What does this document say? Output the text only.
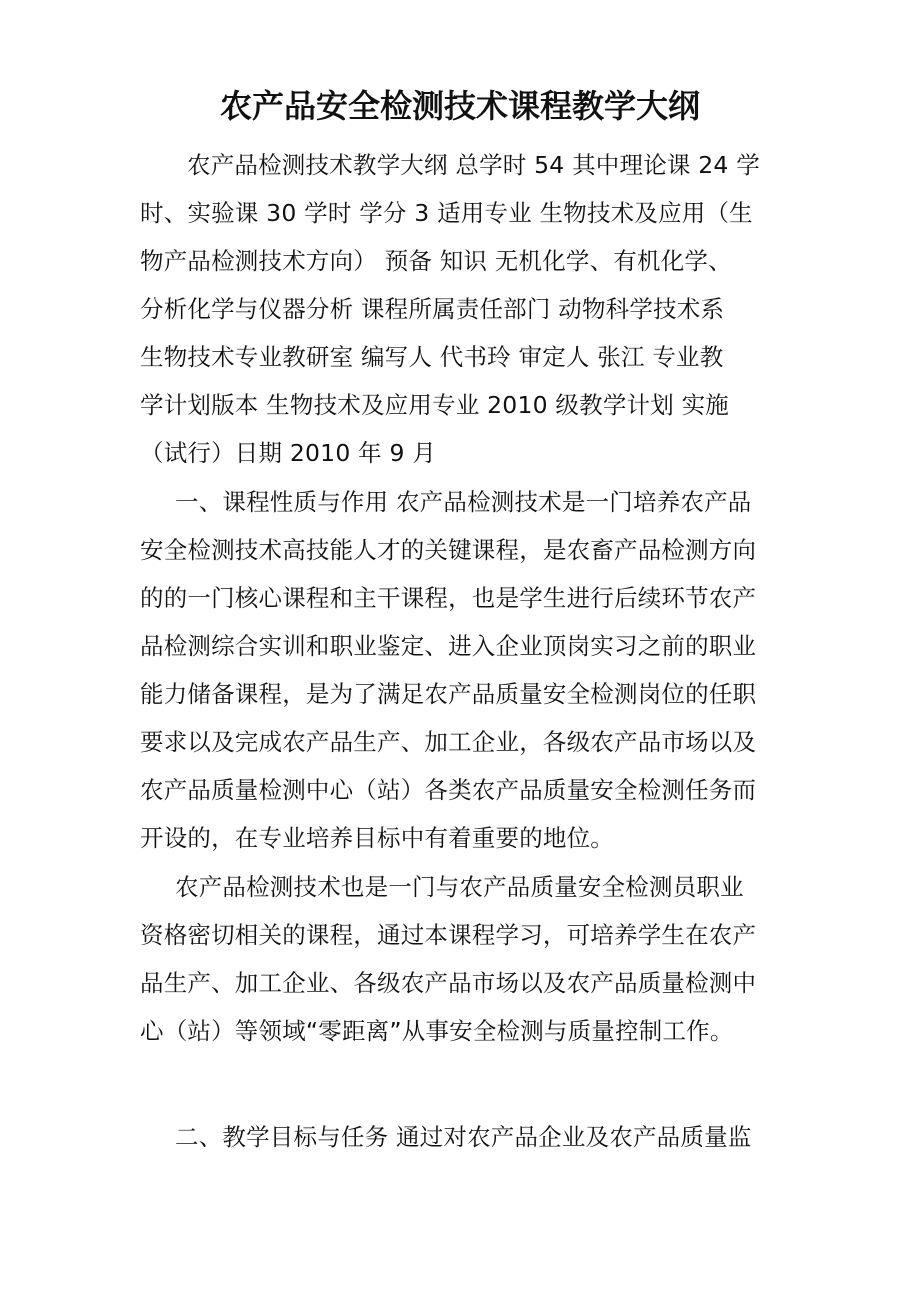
农产品安全检测技术课程教学大纲
农产品检测技术教学大纲 总学时 54 其中理论课 24 学
时、实验课 30 学时 学分 3 适用专业 生物技术及应用（生
物产品检测技术方向） 预备 知识 无机化学、有机化学、
分析化学与仪器分析 课程所属责任部门 动物科学技术系
生物技术专业教研室 编写人 代书玲 审定人 张江 专业教
学计划版本 生物技术及应用专业 2010 级教学计划 实施
（试行）日期 2010 年 9 月
一、课程性质与作用 农产品检测技术是一门培养农产品
安全检测技术高技能人才的关键课程，是农畜产品检测方向
的的一门核心课程和主干课程，也是学生进行后续环节农产
品检测综合实训和职业鉴定、进入企业顶岗实习之前的职业
能力储备课程，是为了满足农产品质量安全检测岗位的任职
要求以及完成农产品生产、加工企业，各级农产品市场以及
农产品质量检测中心（站）各类农产品质量安全检测任务而
开设的，在专业培养目标中有着重要的地位。
农产品检测技术也是一门与农产品质量安全检测员职业
资格密切相关的课程，通过本课程学习，可培养学生在农产
品生产、加工企业、各级农产品市场以及农产品质量检测中
心（站）等领域“零距离”从事安全检测与质量控制工作。
二、教学目标与任务 通过对农产品企业及农产品质量监
